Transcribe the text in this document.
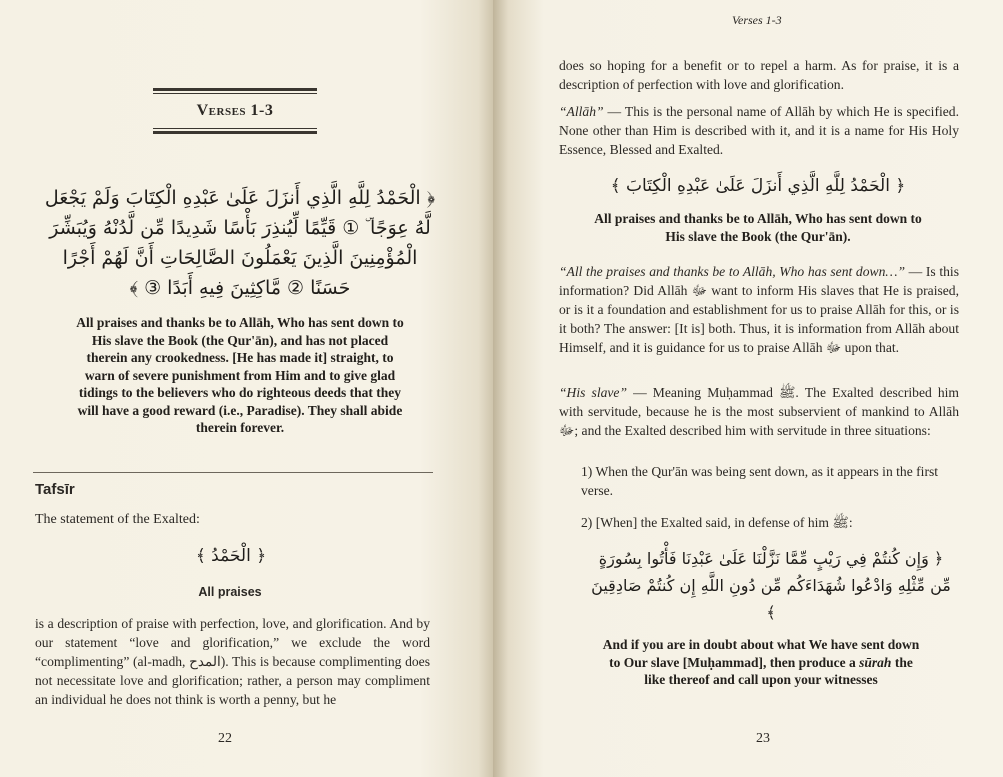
Verses 1-3
﴿ الْحَمْدُ لِلَّهِ الَّذِي أَنزَلَ عَلَىٰ عَبْدِهِ الْكِتَابَ وَلَمْ يَجْعَل لَّهُ عِوَجًا ۜ ① قَيِّمًا لِّيُنذِرَ بَأْسًا شَدِيدًا مِّن لَّدُنْهُ وَيُبَشِّرَ الْمُؤْمِنِينَ الَّذِينَ يَعْمَلُونَ الصَّالِحَاتِ أَنَّ لَهُمْ أَجْرًا حَسَنًا ② مَّاكِثِينَ فِيهِ أَبَدًا ③ ﴾
All praises and thanks be to Allāh, Who has sent down to His slave the Book (the Qur'ān), and has not placed therein any crookedness. [He has made it] straight, to warn of severe punishment from Him and to give glad tidings to the believers who do righteous deeds that they will have a good reward (i.e., Paradise). They shall abide therein forever.
Tafsīr
The statement of the Exalted:
﴿ الْحَمْدُ ﴾
All praises
is a description of praise with perfection, love, and glorification. And by our statement “love and glorification,” we exclude the word “complimenting” (al-madh, المدح). This is because complimenting does not necessitate love and glorification; rather, a person may compliment an individual he does not think is worth a penny, but he
22
Verses 1-3
does so hoping for a benefit or to repel a harm. As for praise, it is a description of perfection with love and glorification.
“Allāh” — This is the personal name of Allāh by which He is specified. None other than Him is described with it, and it is a name for His Holy Essence, Blessed and Exalted.
﴿ الْحَمْدُ لِلَّهِ الَّذِي أَنزَلَ عَلَىٰ عَبْدِهِ الْكِتَابَ ﴾
All praises and thanks be to Allāh, Who has sent down to His slave the Book (the Qur'ān).
“All the praises and thanks be to Allāh, Who has sent down…” — Is this information? Did Allāh ﷻ want to inform His slaves that He is praised, or is it a foundation and establishment for us to praise Allāh for this, or is it both? The answer: [It is] both. Thus, it is information from Allāh about Himself, and it is guidance for us to praise Allāh ﷻ upon that.
“His slave” — Meaning Muḥammad ﷺ. The Exalted described him with servitude, because he is the most subservient of mankind to Allāh ﷻ; and the Exalted described him with servitude in three situations:
1) When the Qur'ān was being sent down, as it appears in the first verse.
2) [When] the Exalted said, in defense of him ﷺ:
﴿ وَإِن كُنتُمْ فِي رَيْبٍ مِّمَّا نَزَّلْنَا عَلَىٰ عَبْدِنَا فَأْتُوا بِسُورَةٍ مِّن مِّثْلِهِ وَادْعُوا شُهَدَاءَكُم مِّن دُونِ اللَّهِ إِن كُنتُمْ صَادِقِينَ ﴾
And if you are in doubt about what We have sent down to Our slave [Muḥammad], then produce a sūrah the like thereof and call upon your witnesses
23
